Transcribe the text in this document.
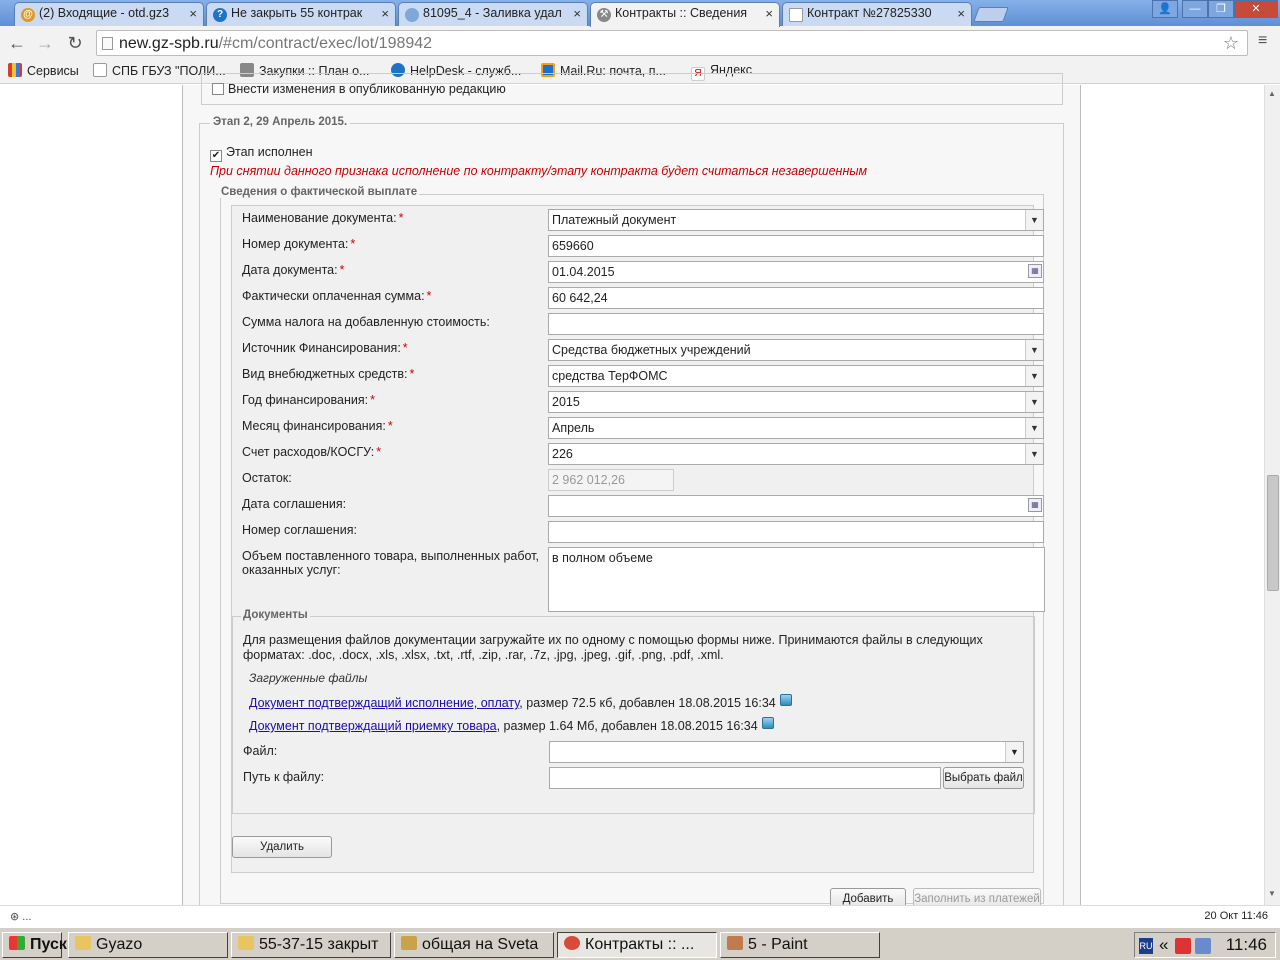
@ (2) Входящие - otd.gz3 ×	? Не закрыть 55 контрак ×	81095_4 - Заливка удал × ⚒ Контракты :: Сведения ×	Контракт №27825330 ×	👤	—	❐	✕
← → ↻	new.gz-spb.ru/#cm/contract/exec/lot/198942	☆ ≡
Сервисы	СПБ ГБУЗ "ПОЛИ...	Закупки :: План о...	HelpDesk - служб...	Mail.Ru: почта, п...	Я Яндекс
Внести изменения в опубликованную редакцию
Этап 2, 29 Апрель 2015.
✔ Этап исполнен
При снятии данного признака исполнение по контракту/этапу контракта будет считаться незавершенным
Сведения о фактической выплате
Наименование документа: *	Платежный документ	▼
Номер документа: *	659660
Дата документа: *	01.04.2015	▦
Фактически оплаченная сумма: *	60 642,24
Сумма налога на добавленную стоимость:
Источник Финансирования: *	Средства бюджетных учреждений	▼
Вид внебюджетных средств: *	средства ТерФОМС	▼
Год финансирования: *	2015	▼
Месяц финансирования: *	Апрель	▼
Счет расходов/КОСГУ: *	226	▼
Остаток:	2 962 012,26
Дата соглашения:	▦
Номер соглашения:
Объем поставленного товара, выполненных работ,
оказанных услуг:
в полном объеме
Документы
Для размещения файлов документации загружайте их по одному с помощью формы ниже. Принимаются файлы в следующих форматах: .doc, .docx, .xls, .xlsx, .txt, .rtf, .zip, .rar, .7z, .jpg, .jpeg, .gif, .png, .pdf, .xml.
Загруженные файлы
Документ подтверждащий исполнение, оплату, размер 72.5 кб, добавлен 18.08.2015 16:34
Документ подтверждащий приемку товара, размер 1.64 Мб, добавлен 18.08.2015 16:34
Файл:	▼
Путь к файлу:	Выбрать файл
Удалить
Добавить	Заполнить из платежей
▲
▼
⊛ ...	20 Окт 11:46
Пуск	Gyazo	55-37-15 закрыт	общая на Sveta	Контракты :: ...	5 - Paint	RU «	11:46
